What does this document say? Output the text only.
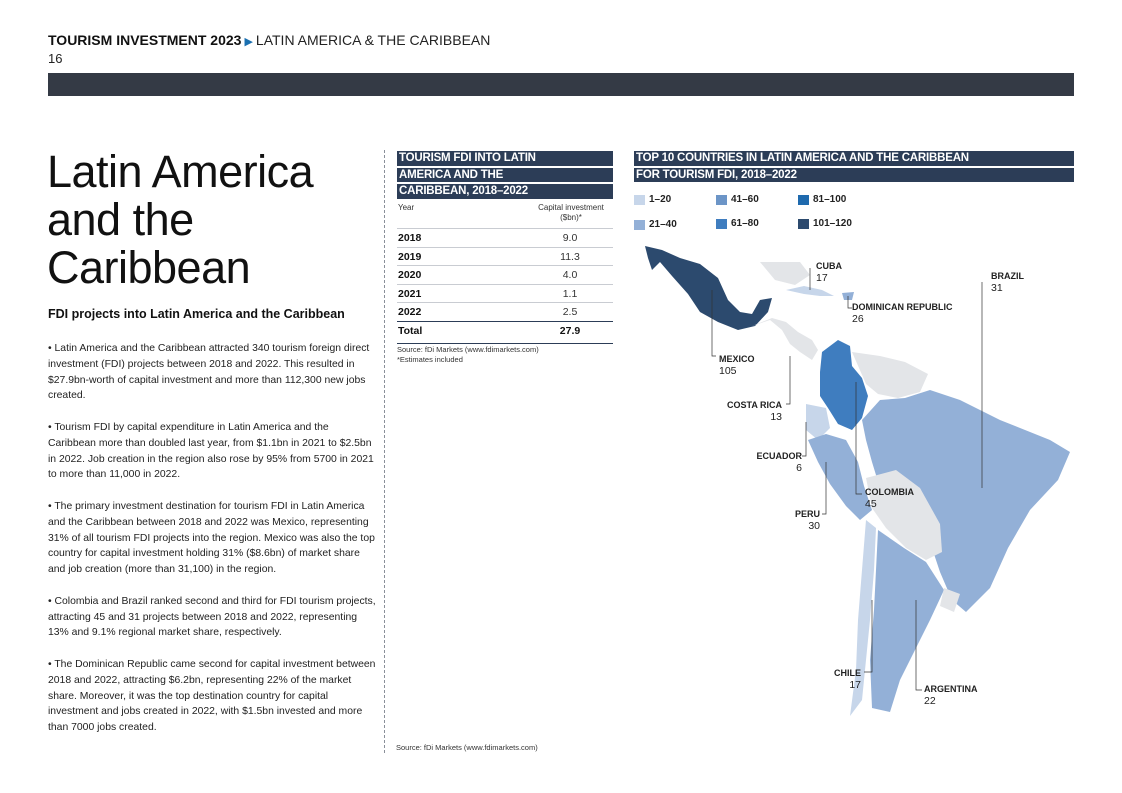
TOURISM INVESTMENT 2023 ▶ LATIN AMERICA & THE CARIBBEAN
16
Latin America
and the
Caribbean
FDI projects into Latin America and the Caribbean

• Latin America and the Caribbean attracted 340 tourism foreign direct investment (FDI) projects between 2018 and 2022. This resulted in $27.9bn-worth of capital investment and more than 112,300 new jobs created.

• Tourism FDI by capital expenditure in Latin America and the Caribbean more than doubled last year, from $1.1bn in 2021 to $2.5bn in 2022. Job creation in the region also rose by 95% from 5700 in 2021 to more than 11,000 in 2022.

• The primary investment destination for tourism FDI in Latin America and the Caribbean between 2018 and 2022 was Mexico, representing 31% of all tourism FDI projects into the region. Mexico was also the top country for capital investment holding 31% ($8.6bn) of market share and job creation (more than 31,100) in the region.

• Colombia and Brazil ranked second and third for FDI tourism projects, attracting 45 and 31 projects between 2018 and 2022, representing 13% and 9.1% regional market share, respectively.

• The Dominican Republic came second for capital investment between 2018 and 2022, attracting $6.2bn, representing 22% of the market share. Moreover, it was the top destination country for capital investment and jobs created in 2022, with $1.5bn invested and more than 7000 jobs created.

TOURISM FDI INTO LATIN
AMERICA AND THE
CARIBBEAN, 2018–2022
Year	Capital investment ($bn)*
2018	9.0
2019	11.3
2020	4.0
2021	1.1
2022	2.5
Total	27.9
Source: fDi Markets (www.fdimarkets.com)
*Estimates included
TOP 10 COUNTRIES IN LATIN AMERICA AND THE CARIBBEAN
FOR TOURISM FDI, 2018–2022
1–20
21–40
41–60
61–80
81–100
101–120
CUBA
17	BRAZIL
31
DOMINICAN REPUBLIC
26
MEXICO
105
COSTA RICA
13
ECUADOR
6
COLOMBIA
45
PERU
30
CHILE
17	ARGENTINA
22
Source: fDi Markets (www.fdimarkets.com)
